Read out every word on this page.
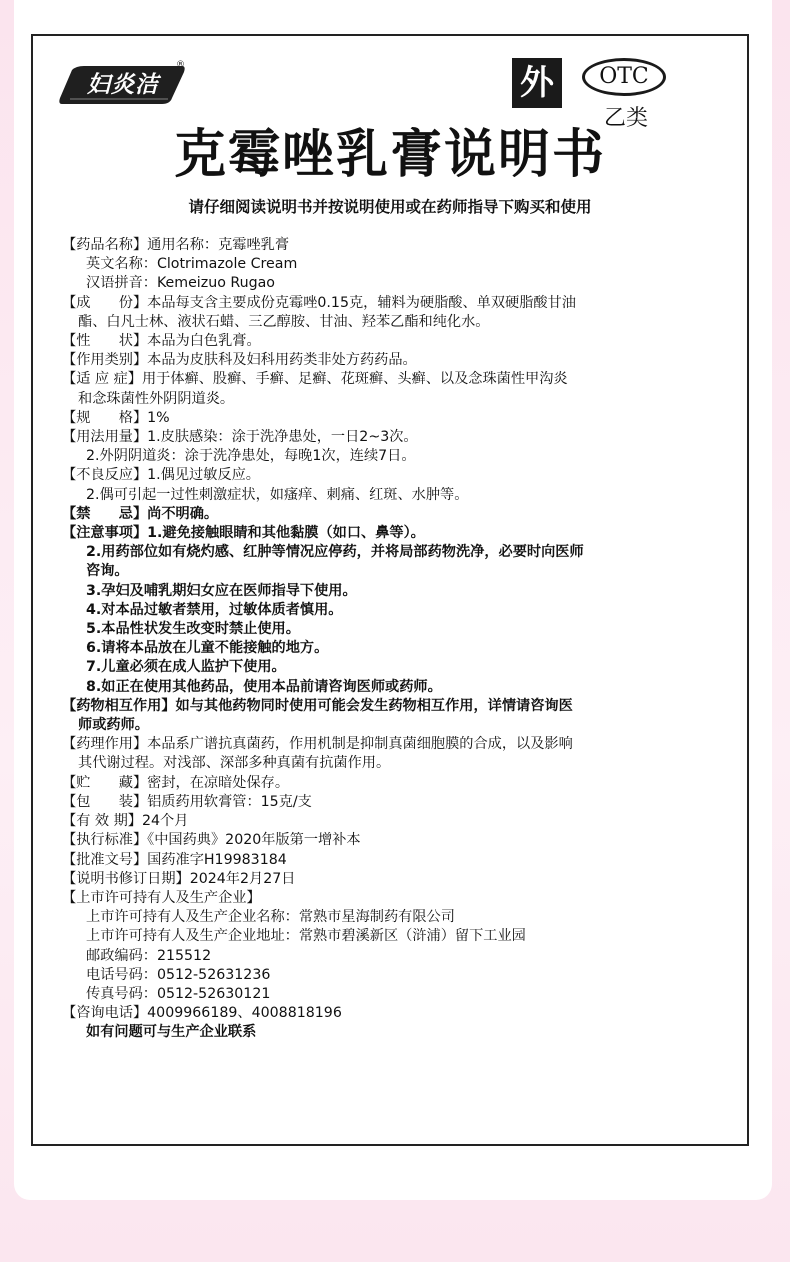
妇炎洁
®	外	OTC
乙类
克霉唑乳膏说明书
请仔细阅读说明书并按说明使用或在药师指导下购买和使用
【药品名称】通用名称：克霉唑乳膏
英文名称：Clotrimazole Cream
汉语拼音：Kemeizuo Rugao
【成　　份】本品每支含主要成份克霉唑0.15克，辅料为硬脂酸、单双硬脂酸甘油
酯、白凡士林、液状石蜡、三乙醇胺、甘油、羟苯乙酯和纯化水。
【性　　状】本品为白色乳膏。
【作用类别】本品为皮肤科及妇科用药类非处方药药品。
【适 应 症】用于体癣、股癣、手癣、足癣、花斑癣、头癣、以及念珠菌性甲沟炎
和念珠菌性外阴阴道炎。
【规　　格】1%
【用法用量】1.皮肤感染：涂于洗净患处，一日2~3次。
2.外阴阴道炎：涂于洗净患处，每晚1次，连续7日。
【不良反应】1.偶见过敏反应。
2.偶可引起一过性刺激症状，如瘙痒、刺痛、红斑、水肿等。
【禁　　忌】尚不明确。
【注意事项】1.避免接触眼睛和其他黏膜（如口、鼻等）。
2.用药部位如有烧灼感、红肿等情况应停药，并将局部药物洗净，必要时向医师
咨询。
3.孕妇及哺乳期妇女应在医师指导下使用。
4.对本品过敏者禁用，过敏体质者慎用。
5.本品性状发生改变时禁止使用。
6.请将本品放在儿童不能接触的地方。
7.儿童必须在成人监护下使用。
8.如正在使用其他药品，使用本品前请咨询医师或药师。
【药物相互作用】如与其他药物同时使用可能会发生药物相互作用，详情请咨询医
师或药师。
【药理作用】本品系广谱抗真菌药，作用机制是抑制真菌细胞膜的合成，以及影响
其代谢过程。对浅部、深部多种真菌有抗菌作用。
【贮　　藏】密封，在凉暗处保存。
【包　　装】铝质药用软膏管：15克/支
【有 效 期】24个月
【执行标准】《中国药典》2020年版第一增补本
【批准文号】国药准字H19983184
【说明书修订日期】2024年2月27日
【上市许可持有人及生产企业】
上市许可持有人及生产企业名称：常熟市星海制药有限公司
上市许可持有人及生产企业地址：常熟市碧溪新区（浒浦）留下工业园
邮政编码：215512
电话号码：0512-52631236
传真号码：0512-52630121
【咨询电话】4009966189、4008818196
如有问题可与生产企业联系
